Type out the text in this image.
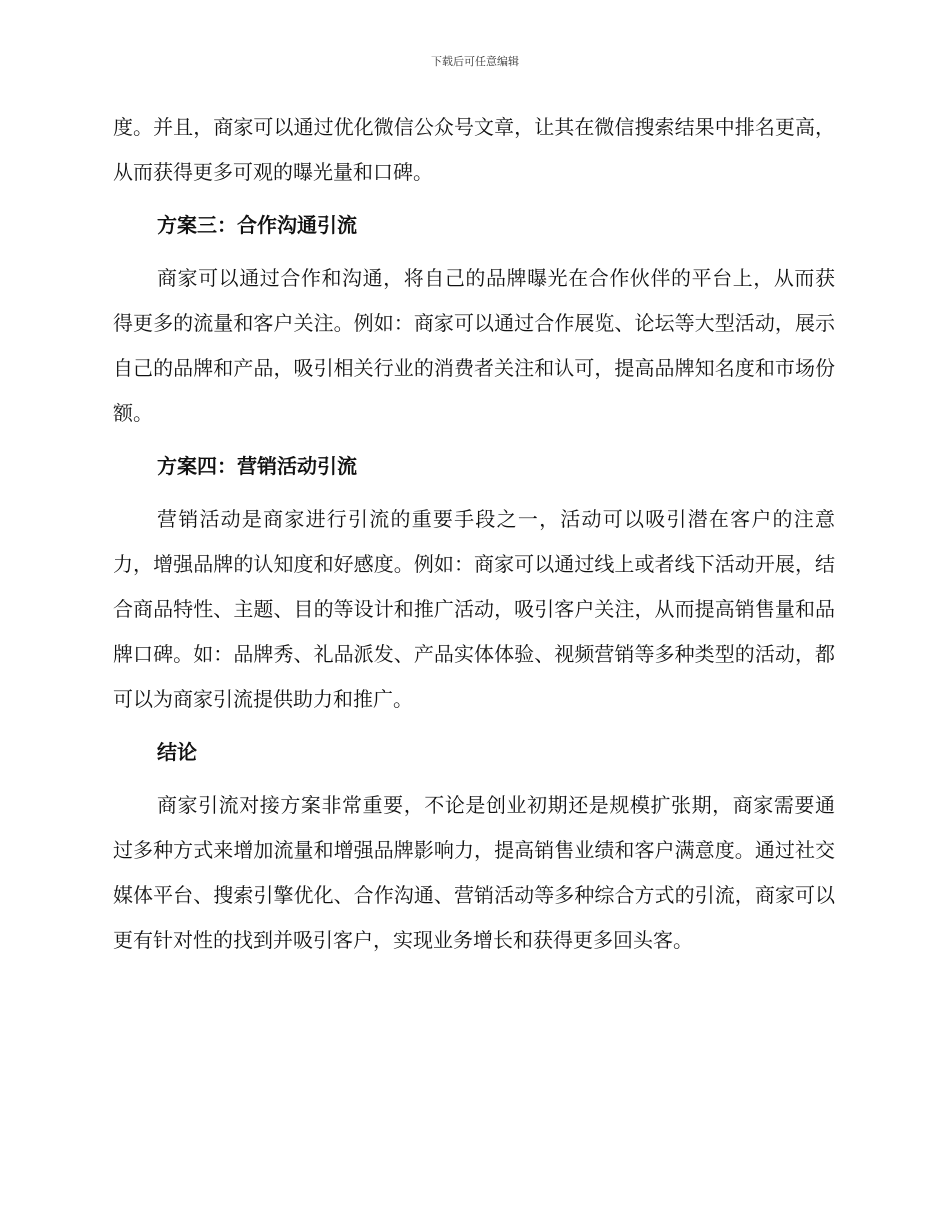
下载后可任意编辑

度。并且，商家可以通过优化微信公众号文章，让其在微信搜索结果中排名更高，从而获得更多可观的曝光量和口碑。

方案三：合作沟通引流

商家可以通过合作和沟通，将自己的品牌曝光在合作伙伴的平台上，从而获得更多的流量和客户关注。例如：商家可以通过合作展览、论坛等大型活动，展示自己的品牌和产品，吸引相关行业的消费者关注和认可，提高品牌知名度和市场份额。

方案四：营销活动引流

营销活动是商家进行引流的重要手段之一，活动可以吸引潜在客户的注意力，增强品牌的认知度和好感度。例如：商家可以通过线上或者线下活动开展，结合商品特性、主题、目的等设计和推广活动，吸引客户关注，从而提高销售量和品牌口碑。如：品牌秀、礼品派发、产品实体体验、视频营销等多种类型的活动，都可以为商家引流提供助力和推广。

结论

商家引流对接方案非常重要，不论是创业初期还是规模扩张期，商家需要通过多种方式来增加流量和增强品牌影响力，提高销售业绩和客户满意度。通过社交媒体平台、搜索引擎优化、合作沟通、营销活动等多种综合方式的引流，商家可以更有针对性的找到并吸引客户，实现业务增长和获得更多回头客。
